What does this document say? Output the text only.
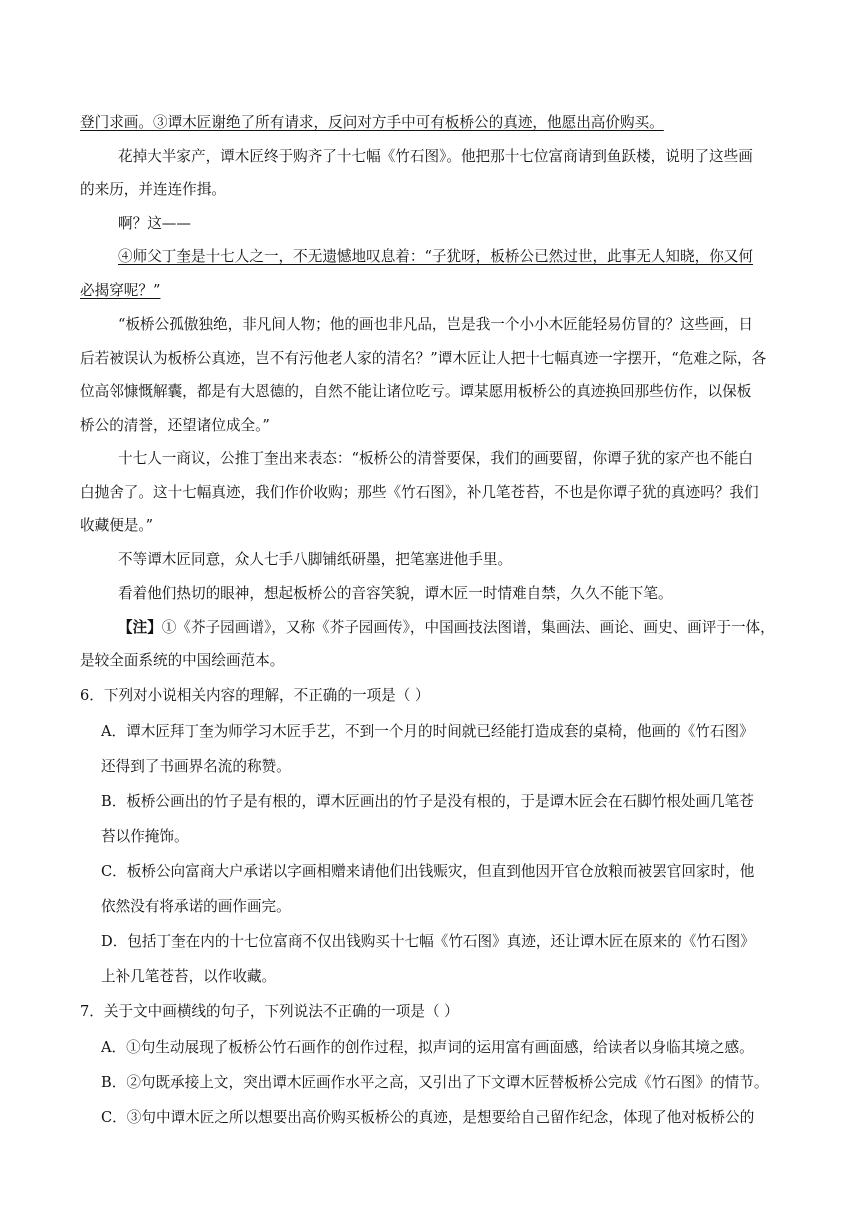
登门求画。③谭木匠谢绝了所有请求，反问对方手中可有板桥公的真迹，他愿出高价购买。
花掉大半家产，谭木匠终于购齐了十七幅《竹石图》。他把那十七位富商请到鱼跃楼，说明了这些画
的来历，并连连作揖。
啊？这——
④师父丁奎是十七人之一，不无遗憾地叹息着：“子犹呀，板桥公已然过世，此事无人知晓，你又何
必揭穿呢？”
“板桥公孤傲独绝，非凡间人物；他的画也非凡品，岂是我一个小小木匠能轻易仿冒的？这些画，日
后若被误认为板桥公真迹，岂不有污他老人家的清名？”谭木匠让人把十七幅真迹一字摆开，“危难之际，各
位高邻慷慨解囊，都是有大恩德的，自然不能让诸位吃亏。谭某愿用板桥公的真迹换回那些仿作，以保板
桥公的清誉，还望诸位成全。”
十七人一商议，公推丁奎出来表态：“板桥公的清誉要保，我们的画要留，你谭子犹的家产也不能白
白抛舍了。这十七幅真迹，我们作价收购；那些《竹石图》，补几笔苍苔，不也是你谭子犹的真迹吗？我们
收藏便是。”
不等谭木匠同意，众人七手八脚铺纸研墨，把笔塞进他手里。
看着他们热切的眼神，想起板桥公的音容笑貌，谭木匠一时情难自禁，久久不能下笔。
【注】①《芥子园画谱》，又称《芥子园画传》，中国画技法图谱，集画法、画论、画史、画评于一体，
是较全面系统的中国绘画范本。
6．下列对小说相关内容的理解，不正确的一项是（ ）
A．谭木匠拜丁奎为师学习木匠手艺，不到一个月的时间就已经能打造成套的桌椅，他画的《竹石图》
还得到了书画界名流的称赞。
B．板桥公画出的竹子是有根的，谭木匠画出的竹子是没有根的，于是谭木匠会在石脚竹根处画几笔苍
苔以作掩饰。
C．板桥公向富商大户承诺以字画相赠来请他们出钱赈灾，但直到他因开官仓放粮而被罢官回家时，他
依然没有将承诺的画作画完。
D．包括丁奎在内的十七位富商不仅出钱购买十七幅《竹石图》真迹，还让谭木匠在原来的《竹石图》
上补几笔苍苔，以作收藏。
7．关于文中画横线的句子，下列说法不正确的一项是（ ）
A．①句生动展现了板桥公竹石画作的创作过程，拟声词的运用富有画面感，给读者以身临其境之感。
B．②句既承接上文，突出谭木匠画作水平之高，又引出了下文谭木匠替板桥公完成《竹石图》的情节。
C．③句中谭木匠之所以想要出高价购买板桥公的真迹，是想要给自己留作纪念，体现了他对板桥公的
